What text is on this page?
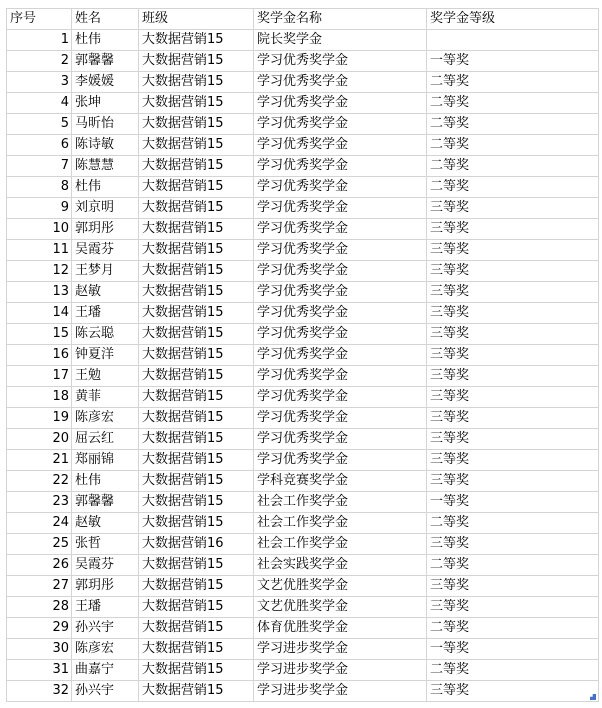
序号	姓名	班级	奖学金名称	奖学金等级
1	杜伟	大数据营销15	院长奖学金	
2	郭馨馨	大数据营销15	学习优秀奖学金	一等奖
3	李媛媛	大数据营销15	学习优秀奖学金	二等奖
4	张坤	大数据营销15	学习优秀奖学金	二等奖
5	马昕怡	大数据营销15	学习优秀奖学金	二等奖
6	陈诗敏	大数据营销15	学习优秀奖学金	二等奖
7	陈慧慧	大数据营销15	学习优秀奖学金	二等奖
8	杜伟	大数据营销15	学习优秀奖学金	二等奖
9	刘京明	大数据营销15	学习优秀奖学金	三等奖
10	郭玥彤	大数据营销15	学习优秀奖学金	三等奖
11	吴霞芬	大数据营销15	学习优秀奖学金	三等奖
12	王梦月	大数据营销15	学习优秀奖学金	三等奖
13	赵敏	大数据营销15	学习优秀奖学金	三等奖
14	王璠	大数据营销15	学习优秀奖学金	三等奖
15	陈云聪	大数据营销15	学习优秀奖学金	三等奖
16	钟夏洋	大数据营销15	学习优秀奖学金	三等奖
17	王勉	大数据营销15	学习优秀奖学金	三等奖
18	黄菲	大数据营销15	学习优秀奖学金	三等奖
19	陈彦宏	大数据营销15	学习优秀奖学金	三等奖
20	屈云红	大数据营销15	学习优秀奖学金	三等奖
21	郑丽锦	大数据营销15	学习优秀奖学金	三等奖
22	杜伟	大数据营销15	学科竞赛奖学金	三等奖
23	郭馨馨	大数据营销15	社会工作奖学金	一等奖
24	赵敏	大数据营销15	社会工作奖学金	二等奖
25	张哲	大数据营销16	社会工作奖学金	三等奖
26	吴霞芬	大数据营销15	社会实践奖学金	二等奖
27	郭玥彤	大数据营销15	文艺优胜奖学金	三等奖
28	王璠	大数据营销15	文艺优胜奖学金	三等奖
29	孙兴宇	大数据营销15	体育优胜奖学金	二等奖
30	陈彦宏	大数据营销15	学习进步奖学金	一等奖
31	曲嘉宁	大数据营销15	学习进步奖学金	二等奖
32	孙兴宇	大数据营销15	学习进步奖学金	三等奖
